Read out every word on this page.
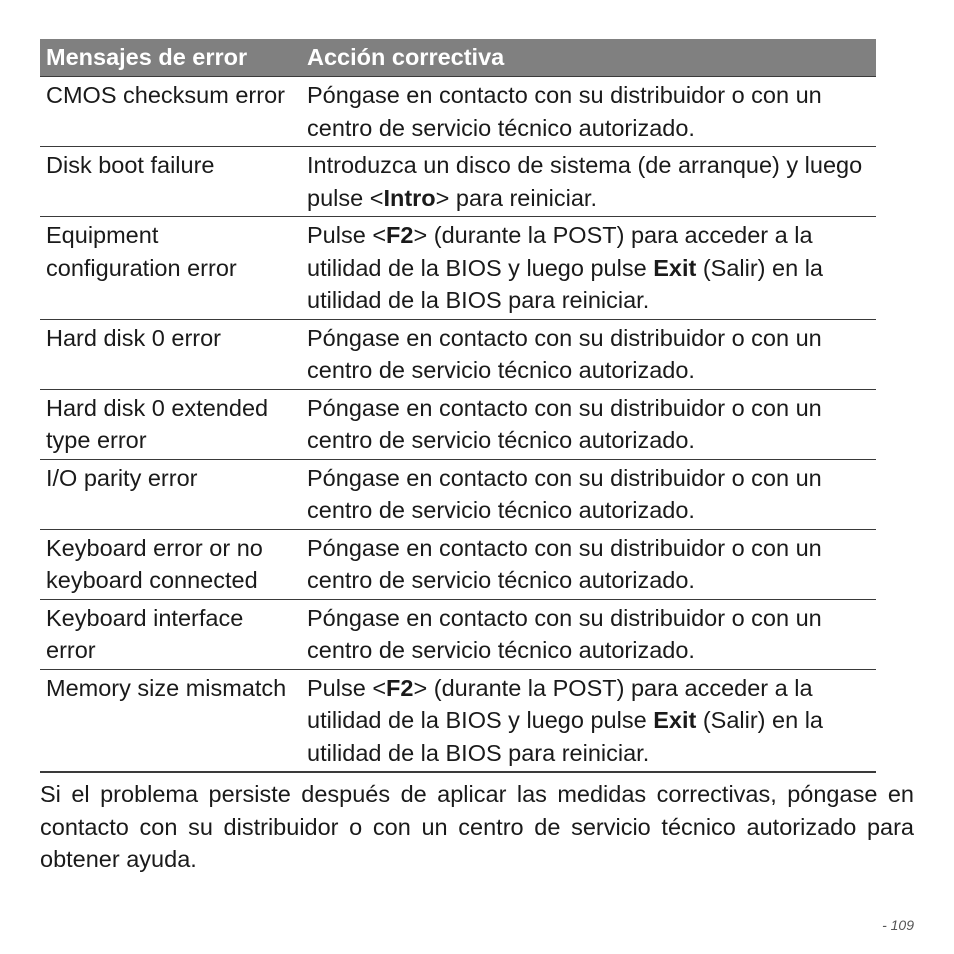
Mensajes de error	Acción correctiva
CMOS checksum error	Póngase en contacto con su distribuidor o con un centro de servicio técnico autorizado.
Disk boot failure	Introduzca un disco de sistema (de arranque) y luego pulse <Intro> para reiniciar.
Equipment configuration error	Pulse <F2> (durante la POST) para acceder a la utilidad de la BIOS y luego pulse Exit (Salir) en la utilidad de la BIOS para reiniciar.
Hard disk 0 error	Póngase en contacto con su distribuidor o con un centro de servicio técnico autorizado.
Hard disk 0 extended type error	Póngase en contacto con su distribuidor o con un centro de servicio técnico autorizado.
I/O parity error	Póngase en contacto con su distribuidor o con un centro de servicio técnico autorizado.
Keyboard error or no keyboard connected	Póngase en contacto con su distribuidor o con un centro de servicio técnico autorizado.
Keyboard interface error	Póngase en contacto con su distribuidor o con un centro de servicio técnico autorizado.
Memory size mismatch	Pulse <F2> (durante la POST) para acceder a la utilidad de la BIOS y luego pulse Exit (Salir) en la utilidad de la BIOS para reiniciar.

Si el problema persiste después de aplicar las medidas correctivas, póngase en contacto con su distribuidor o con un centro de servicio técnico autorizado para obtener ayuda.

- 109
